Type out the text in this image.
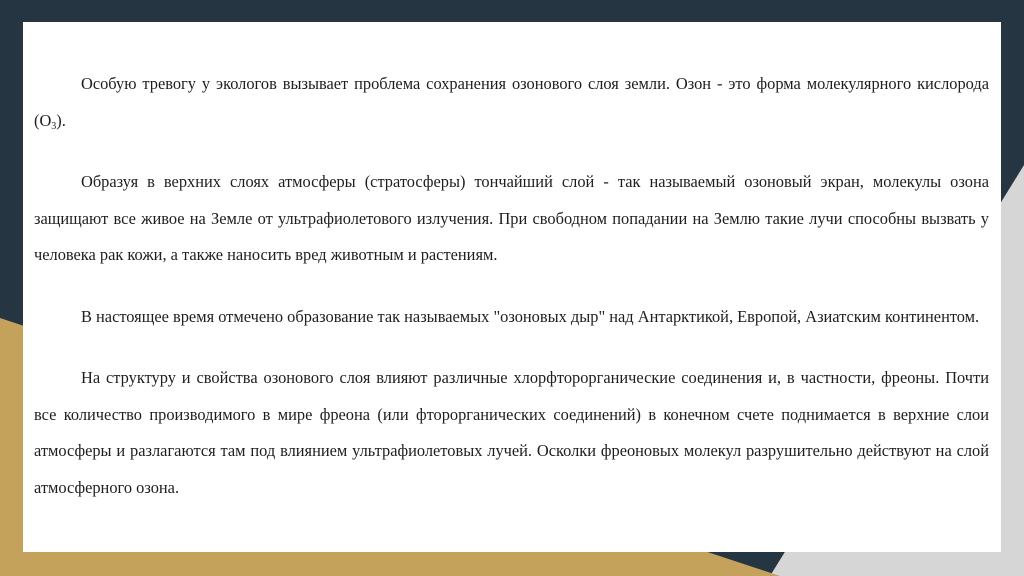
Особую тревогу у экологов вызывает проблема сохранения озонового слоя земли. Озон - это форма молекулярного кислорода $(О_3)$.

Образуя в верхних слоях атмосферы (стратосферы) тончайший слой - так называемый озоновый экран, молекулы озона защищают все живое на Земле от ультрафиолетового излучения. При свободном попадании на Землю такие лучи способны вызвать у человека рак кожи, а также наносить вред животным и растениям.

В настоящее время отмечено образование так называемых "озоновых дыр" над Антарктикой, Европой, Азиатским континентом.

На структуру и свойства озонового слоя влияют различные хлорфторорганические соединения и, в частности, фреоны. Почти все количество производимого в мире фреона (или фторорганических соединений) в конечном счете поднимается в верхние слои атмосферы и разлагаются там под влиянием ультрафиолетовых лучей. Осколки фреоновых молекул разрушительно действуют на слой атмосферного озона.
